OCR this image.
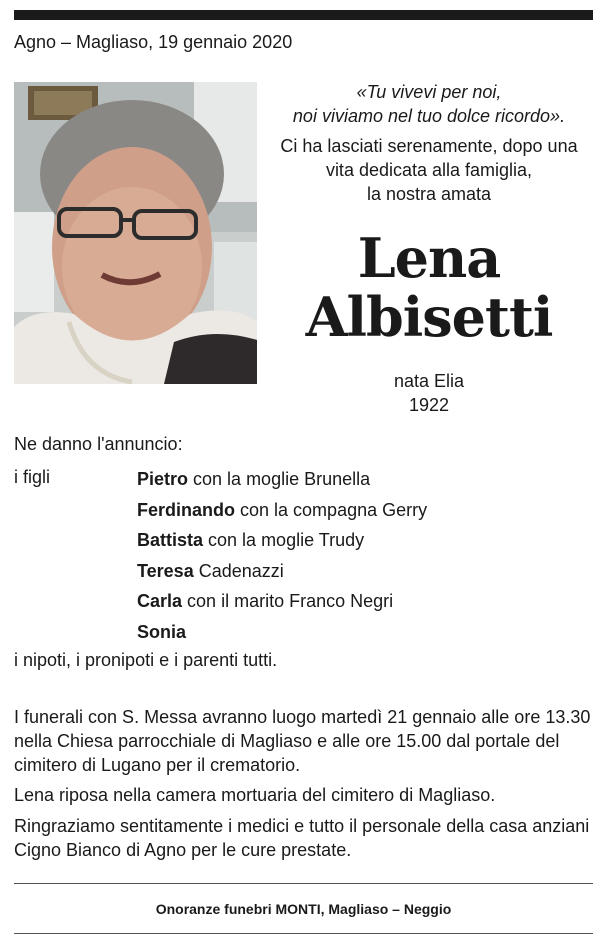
Agno – Magliaso, 19 gennaio 2020
«Tu vivevi per noi,
noi viviamo nel tuo dolce ricordo».
Ci ha lasciati serenamente, dopo una
vita dedicata alla famiglia,
la nostra amata
Lena
Albisetti
nata Elia
1922
Ne danno l'annuncio:
i figli	Pietro con la moglie Brunella
Ferdinando con la compagna Gerry
Battista con la moglie Trudy
Teresa Cadenazzi
Carla con il marito Franco Negri
Sonia
i nipoti, i pronipoti e i parenti tutti.

I funerali con S. Messa avranno luogo martedì 21 gennaio alle ore 13.30 nella Chiesa parrocchiale di Magliaso e alle ore 15.00 dal portale del cimitero di Lugano per il crematorio.

Lena riposa nella camera mortuaria del cimitero di Magliaso.

Ringraziamo sentitamente i medici e tutto il personale della casa anziani Cigno Bianco di Agno per le cure prestate.

Onoranze funebri MONTI, Magliaso – Neggio
